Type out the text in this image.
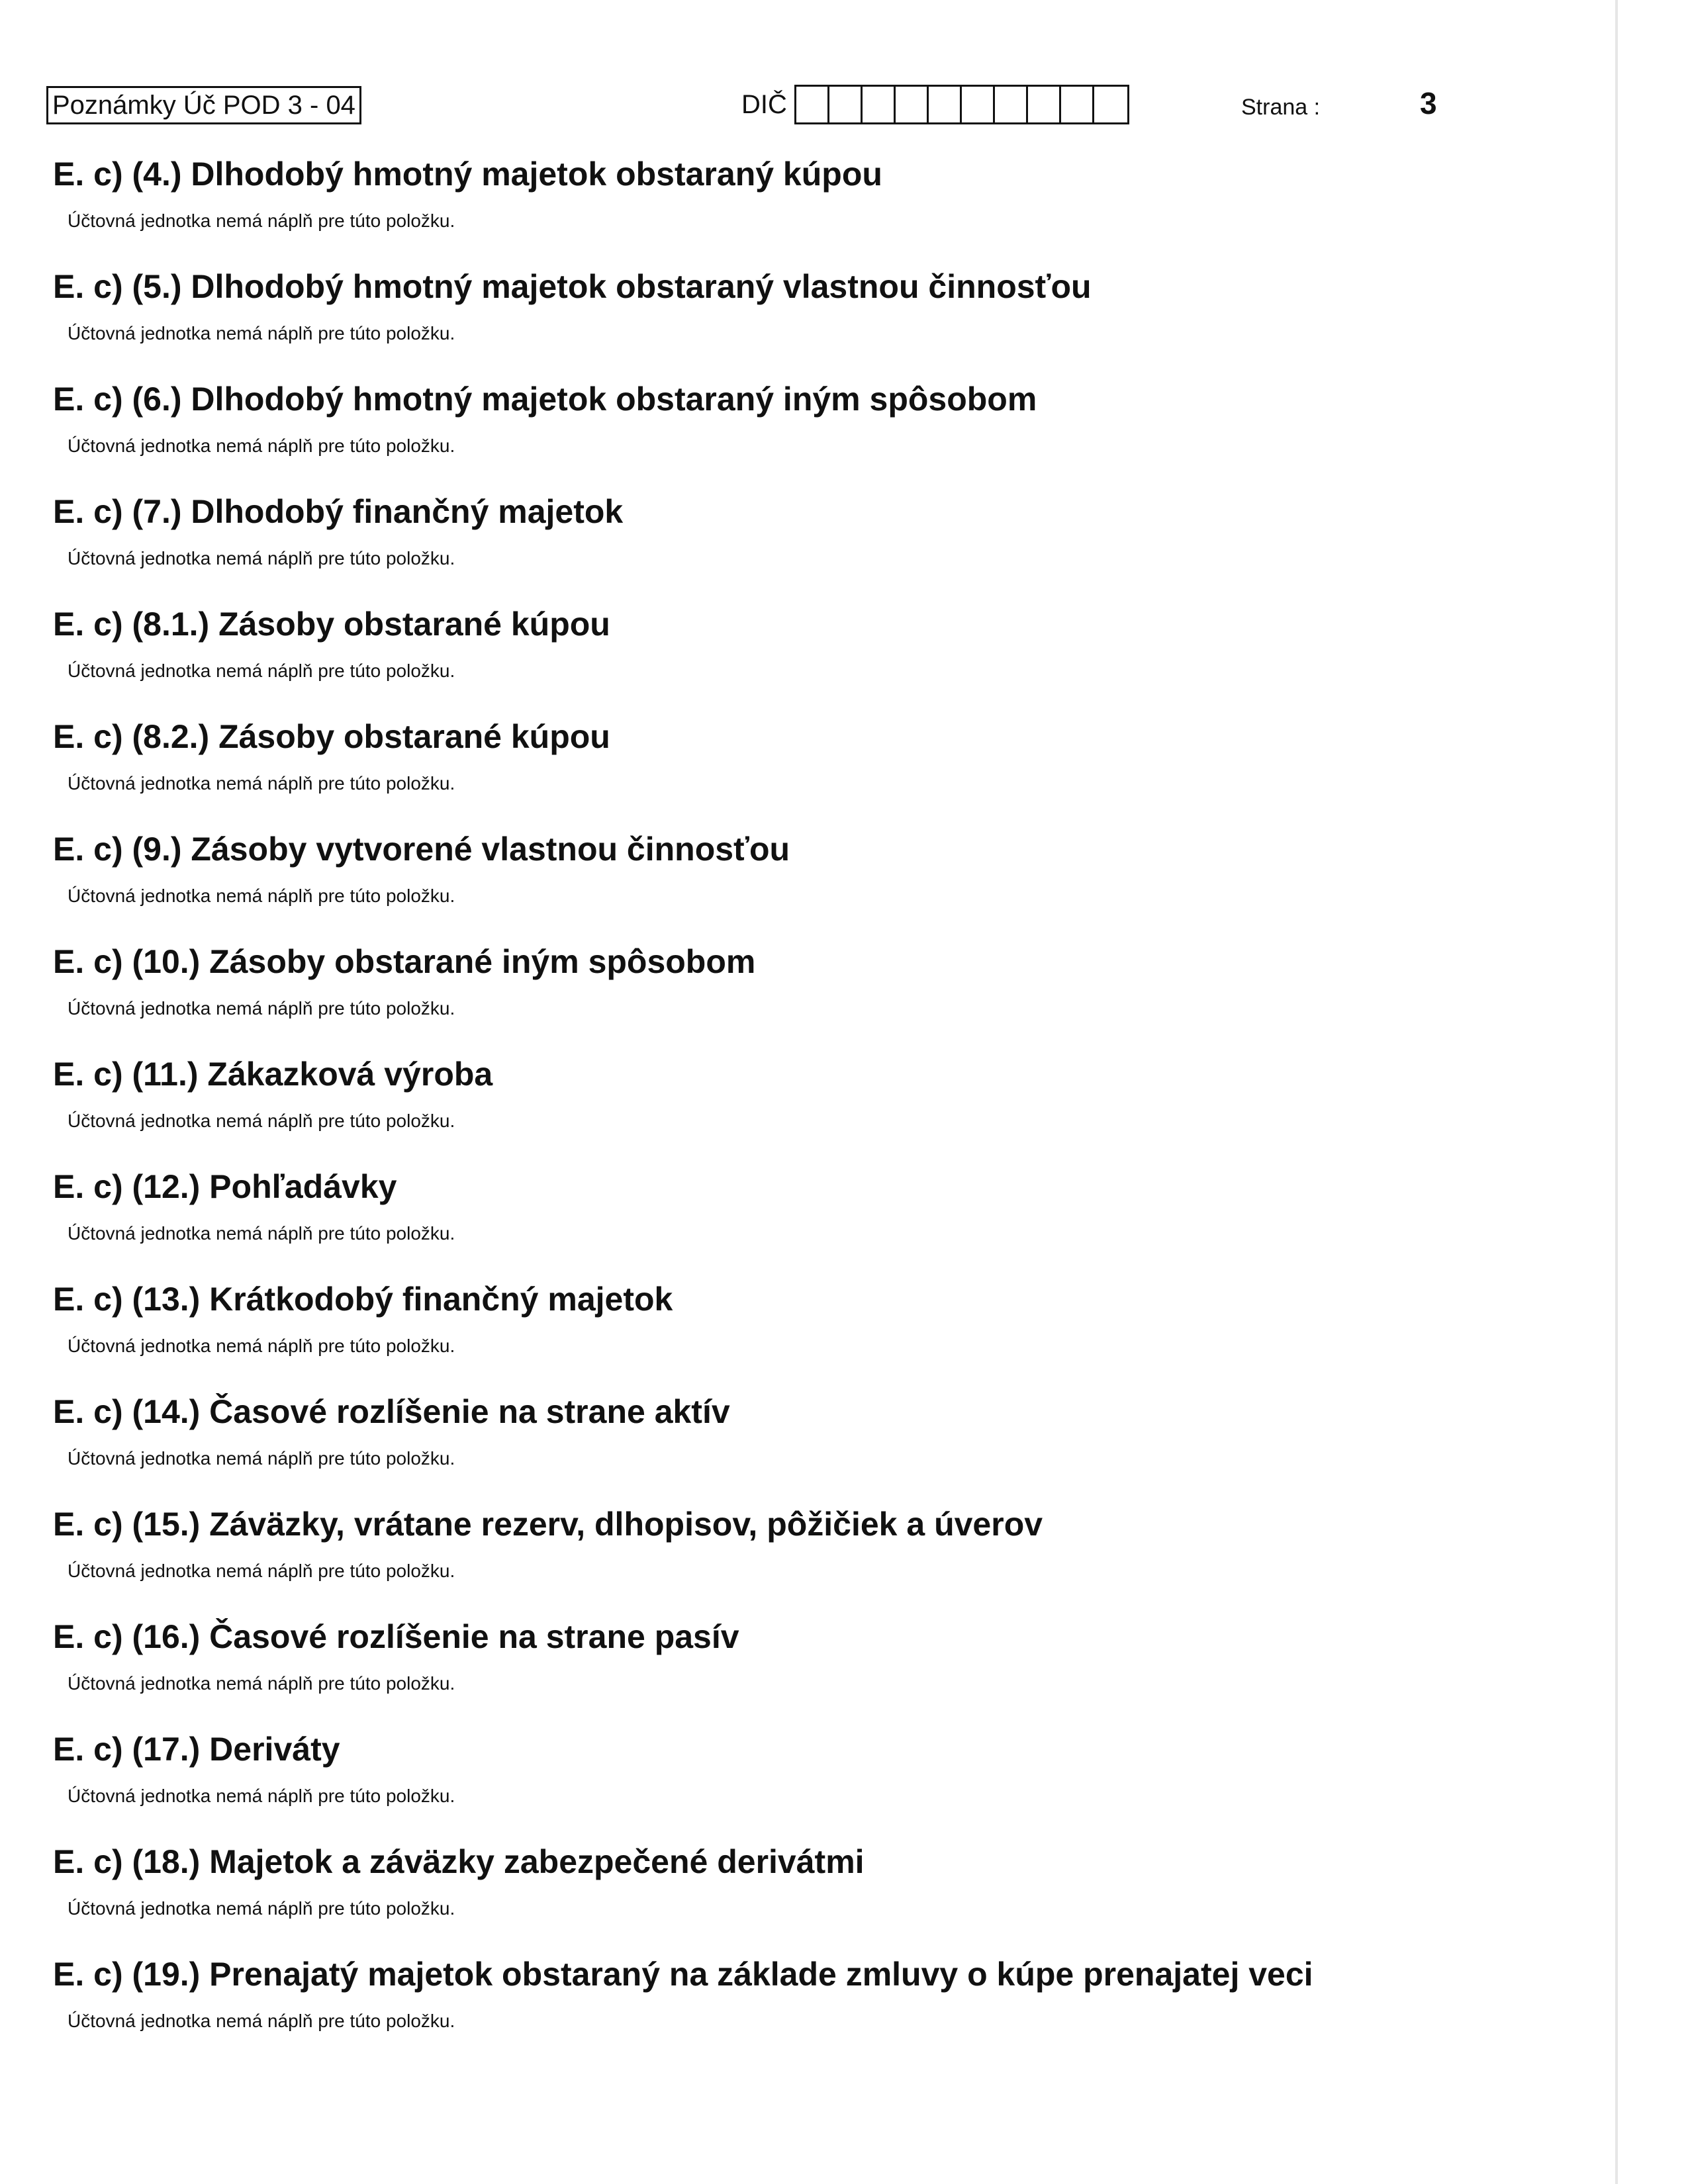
Poznámky Úč POD 3 - 04	DIČ	Strana :	3
E. c) (4.) Dlhodobý hmotný majetok obstaraný kúpou
Účtovná jednotka nemá náplň pre túto položku.
E. c) (5.) Dlhodobý hmotný majetok obstaraný vlastnou činnosťou
Účtovná jednotka nemá náplň pre túto položku.
E. c) (6.) Dlhodobý hmotný majetok obstaraný iným spôsobom
Účtovná jednotka nemá náplň pre túto položku.
E. c) (7.) Dlhodobý finančný majetok
Účtovná jednotka nemá náplň pre túto položku.
E. c) (8.1.) Zásoby obstarané kúpou
Účtovná jednotka nemá náplň pre túto položku.
E. c) (8.2.) Zásoby obstarané kúpou
Účtovná jednotka nemá náplň pre túto položku.
E. c) (9.) Zásoby vytvorené vlastnou činnosťou
Účtovná jednotka nemá náplň pre túto položku.
E. c) (10.) Zásoby obstarané iným spôsobom
Účtovná jednotka nemá náplň pre túto položku.
E. c) (11.) Zákazková výroba
Účtovná jednotka nemá náplň pre túto položku.
E. c) (12.) Pohľadávky
Účtovná jednotka nemá náplň pre túto položku.
E. c) (13.) Krátkodobý finančný majetok
Účtovná jednotka nemá náplň pre túto položku.
E. c) (14.) Časové rozlíšenie na strane aktív
Účtovná jednotka nemá náplň pre túto položku.
E. c) (15.) Záväzky, vrátane rezerv, dlhopisov, pôžičiek a úverov
Účtovná jednotka nemá náplň pre túto položku.
E. c) (16.) Časové rozlíšenie na strane pasív
Účtovná jednotka nemá náplň pre túto položku.
E. c) (17.) Deriváty
Účtovná jednotka nemá náplň pre túto položku.
E. c) (18.) Majetok a záväzky zabezpečené derivátmi
Účtovná jednotka nemá náplň pre túto položku.
E. c) (19.) Prenajatý majetok obstaraný na základe zmluvy o kúpe prenajatej veci
Účtovná jednotka nemá náplň pre túto položku.
